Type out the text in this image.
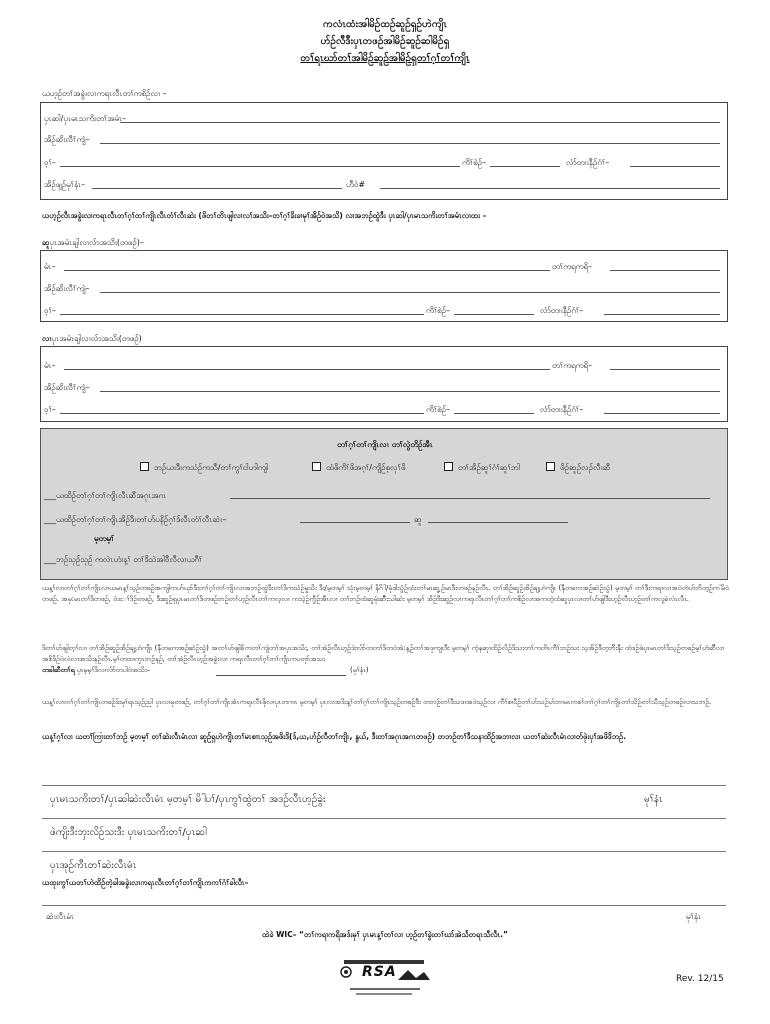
ကလံၤထံးအါမိဉ်ထဉ်ဆူဉ်ရှဉ်ဟဲကျိၤ
ဟ်ဉ်လီဒီးပှၤတဖဉ်အါမိဉ်ဆူဉ်ဆါမိဉ်ရှ
တၢ်ရၤဃာ်တၢ်အါမိဉ်ဆူဉ်အါမိဉ်ရှတၢ်ဂ့ၢ်တၢ်ကျိၤ
ယဟ့ဉ်တၢ်အခွဲးလၢကရၤလီၤတၢ်ကစိဉ်လၢ –
ပှၤဆါ/ပှၤမၤသကိးတၢ်အမံၤ–
အိဉ်ဆိးလီၢ်ကျဲ–
ဝ့ၢ်–	ကိၢ်စဲဉ်–	လံာ်တၢးနီဉ်ဂံၢ်–
အိဉ်ဖျဉ်မုၢ်နံၤ–	ဟီဝဲ#
ယဟ့ဉ်လီၤအခွဲးလၢကရၤလီၤတၢ်ဂ့ၢ်တၢ်ကျိၤလီၤတံၢ်လီၤဆဲး (ဖိတၢ်တိၤဖျါလၢလၢ်အသိး–တၢ်ဂ့ၢ်ခိးခၢမုၢ်အိဉ်ဝဲအသိ) လၢအဘဉ်ထွဲဒီး ပှၤဆါ/ပှၤမၤသကိးတၢ်အမံၤလၢထး –
ဆူပှၤအမံၤချါလၢလ်ာအသိး(တဖဉ်)–
မံၤ–	တၢ်ကရကရိ–
အိဉ်ဆိးလီၢ်ကျဲ–
ဝ့ၢ်–	ကိၢ်စဲဉ်–	လံာ်တၢးနီဉ်ဂံၢ်–
လၢပှၤအမံၤချါလၢလ်ာအသိး(တဖဉ်)
မံၤ–	တၢ်ကရကရိ–
အိဉ်ဆိးလီၢ်ကျဲ–
ဝ့ၢ်–	ကိၢ်စဲဉ်–	လံာ်တၢးနီဉ်ဂံၢ်–
တၢ်ဂ့ၢ်တၢ်ကျိၤလၢ တၢ်လွဲတိဉ်အီၤ
ဘဉ်ယးဒီးကသံဉ်ကသီ/တၢ်ကွၢ်ငါဟါကျါ	ထံဖိကိၢ်ဖိအဂ့ၢ်/ကျိဉ်စ့လုၢ်ဖိ	တၢ်အိဉ်ဆူၢ်ဂံၢ်ဆူၢ်ဘါ	ဖိဉ်ဆူဉ်လၣ်လီးဆီ
___ယထိဉ်တၢ်ဂ့ၢ်တၢ်ကျိၤလီၤဆီအဂုၤအဂၤ
___ယထိဉ်တၢ်ဂ့ၢ်တၢ်ကျိၤအိဉ်ဒီးတၢ်ဟ်ပနိဉ်ဂ့ၢ်ဒ်လီၤတံၢ်လီၤဆဲး–	ဆူ
မ့တမ့ၢ်
___ဘဉ်သုဉ်သုဉ် ကလဲၤဟံးန့ၢ် တၢ်ဒိသဲအါဝီလီလၢယဂီၢ်
ယန့ၢ်လၢတၢ်ဂ့ၢ်တၢ်ကျိၤလၢယမၤန့ၢ်သ့ဉ်တဖဉ်အကျါကဟ်ယှာ်ဒီးတၢ်ဂ့ၢ်တၢ်ကျိၤလၢအဘဉ်ထွဲဒီးတၢ်ဒိကသံဉ်မှုသိး ဒီး/မ့တမ့ၢ် သုံးမ့တမ့ၢ် နိဂိါ/မုံဒါသွံဉ်ထံးတၢ်မၤဆူ့ဉ်မၤဒီးတဖဉ်နဉ်လီၤ. တၢ်အိဉ်ဆူဉ်အိဉ်ချ့ဟဲကျိၤ (နီတကေအဉ်ဆဲဉ်သွံ) မ့တမ့ၢ် တၢ်ဒီးကရၢလၢအဝဲတဲဟ်ဘိတ့ဉ်ကမိဲဝဲတဖဉ်. အမှ:မၤတၢ်ဒိတဖဉ်, ဝဲဒးၢ်ဒိဉ်တဖဉ်, ဒီးဆူဉ်ရှပှၤမၤတၢ်ဒိတဖဉ်ဘဉ်တၢ်ဟ့ဉ်လီၤတၢ်ကလ့လၢ ကသဲ့ဉ်ကွီဉ်အီၤလၢ တၢ်ဘဉ်ထံဆူမုံးဆိီးသါဆဲး မ့တမ့ၢ် အိဉ်ဒီးဆူဉ်လၢကရၤလီၤတၢ်ဂ့ၢ်တၢ်ကစိဉ်လၢအကတဲ့ထံဆူပှၤလၢတၢ်ဟ်ဖျါဒီးဟ့ဉ်လီၤဟ့ဉ်တၢ်ကလှ့ခဲလဲၤလီၤ.
ဒိတၢ်ဟ်ဖျါတ့ၢ်လၢ တၢ်အိဉ်ဆူဉ်အိဉ်ချ့ဟဲကျိၤ (နီတကေအဉ်ဆဲဉ်သွံ) အတၢ်ဟ်ဖျါခိကတၢ်ကျဲတၢ်အပှၤအသိး, တၢ်အဲဉ်လီၤဟ့ဉ်ဒဲးလ်ာ်တတၢ်ဒိတဝဲအဲ:န့ဉ်တၢ်အဒုကျၤဒီး မ့တမ့ၢ် ကဲ့နဆုၢထိဉ်လိဉ်ဒိသးတၢ်ကတိၤကီၢ်ဘဉ်သး သ့အိဉ်ဒီတ့ဘိိးနီး ထဲဒဉ်ဖဲပှၤမၤတၢ်ဒိသ့ဉ်တဖဉ်မ့ၢ်ဟံဆိီလၢအစိဒိဉ်ဝဲလဲလၢအသိးနဉ်လီၤ.မ့ၢ်တထၢကၠၤဘဉ်နဉ်, တၢ်အဲဉ်လီၤဟ့ဉ်အခွဲးလၢ ကရၤလီၤတၢ်ဂ့ၢ်တၢ်ကျိၤကပတုာ်အသး
တခါဆီတၢ်ရ ပှၤမ့မ့ၢ်ဒိလၢလ်ာ်တပါဝဲအသိး–	(မုၢ်နံၤ)
ယန့ၢ်လၢတၢ်ဂ့ၢ်တၢ်ကျိၤတဖဉ်ဒ်းမုၢ်ရၤသ့ဉ်ညါ ပှၤလၢမုတဖဉ်, တၢ်ဂ့ၢ်တၢ်ကျိၤအံၤကရၤလီၤဖိုလၢပှၤတကၤ မ့တမ့ၢ် ပှၤလၢအဒိးန့ၢ်တၢ်ဂ့ၢ်တၢ်ကျိၤသ့ဉ်တဖဉ်ဒီး တဘဉ်တၢ်ဒီသဒၢအဝဲသ့ဉ်လၢ ကီၢ်စၢပီဉ်တၢ်ဟ်သဉ်ဟ်ဘၢမၤကစၢ်တၢ်ဂ့ၢ်တၢ်ကျိၤတၢ်သိဉ်တၢ်သီသ့ဉ်တဖဉ်လၢသဘဉ်.
ယန့ၢ်ဂ့ၢ်လၢ ယတၢ်ကြၢးတၢ်ဘဉ် မ့တမ့ၢ် တၢ်ဆဲးလီၤမံၤလၢ ဆူဉ်ရှဟဲကျိၤတၢ်မၤစၢၤသ့ဉ်အဖိးဒိ(ဒ်,ယ,ဟ်ဉ်လီတၢ်ကျိၤ, နွယ်, ဒီးတၢ်အဂုၤအဂၤတဖဉ်) တဘဉ်တၢ်ဒီသနၢထိဉ်အဘၢလၢ ယတၢ်ဆဲးလီၤမံၤလၢတ်ဖုဲးပုၢ်အဖိဒိဘဉ်.
ပှၤမၤသကိးတၢ်/ပှၤဆါဆဲးလီၤမံၤ မ့တမ့ၢ် မိါပၢ်/ပှၤကွၢ်ထွဲတၢ် အဒဉ်လီၤဟ့ဉ်ခွဲး	မုၢ်နံၤ
ဖဲကျိးဒီးဘှးလိဉ်သးဒီး ပှၤမၤသကိးတၢ်/ပှၤဆါ
ပှၤအုဉ်ကီၤတၢ်ဆဲးလီၤမံၤ
ယထုးကွၢ်ယတၢ်ဟဲထိဉ်တဲ့ခါအခွဲးလၢကရၤလီၤတၢ်ဂ့ၢ်တၢ်ကျိၤကကၢ်ဂံၢ်ခါလီၤ–
ဆဲးလီၤမံၤ	မုၢ်နံၤ
ထဲခဲ WIC– “တၢ်ကရၢကရိအဒ်းမုၢ် ပှၤမၤန့ၢ်တၢ်လၢ ဟ့ဉ်တၢ်ခွဲးတၢ်ဃာ်အဲသ်ဲတရၤသီလီၤ.”
RSA	Rev. 12/15
